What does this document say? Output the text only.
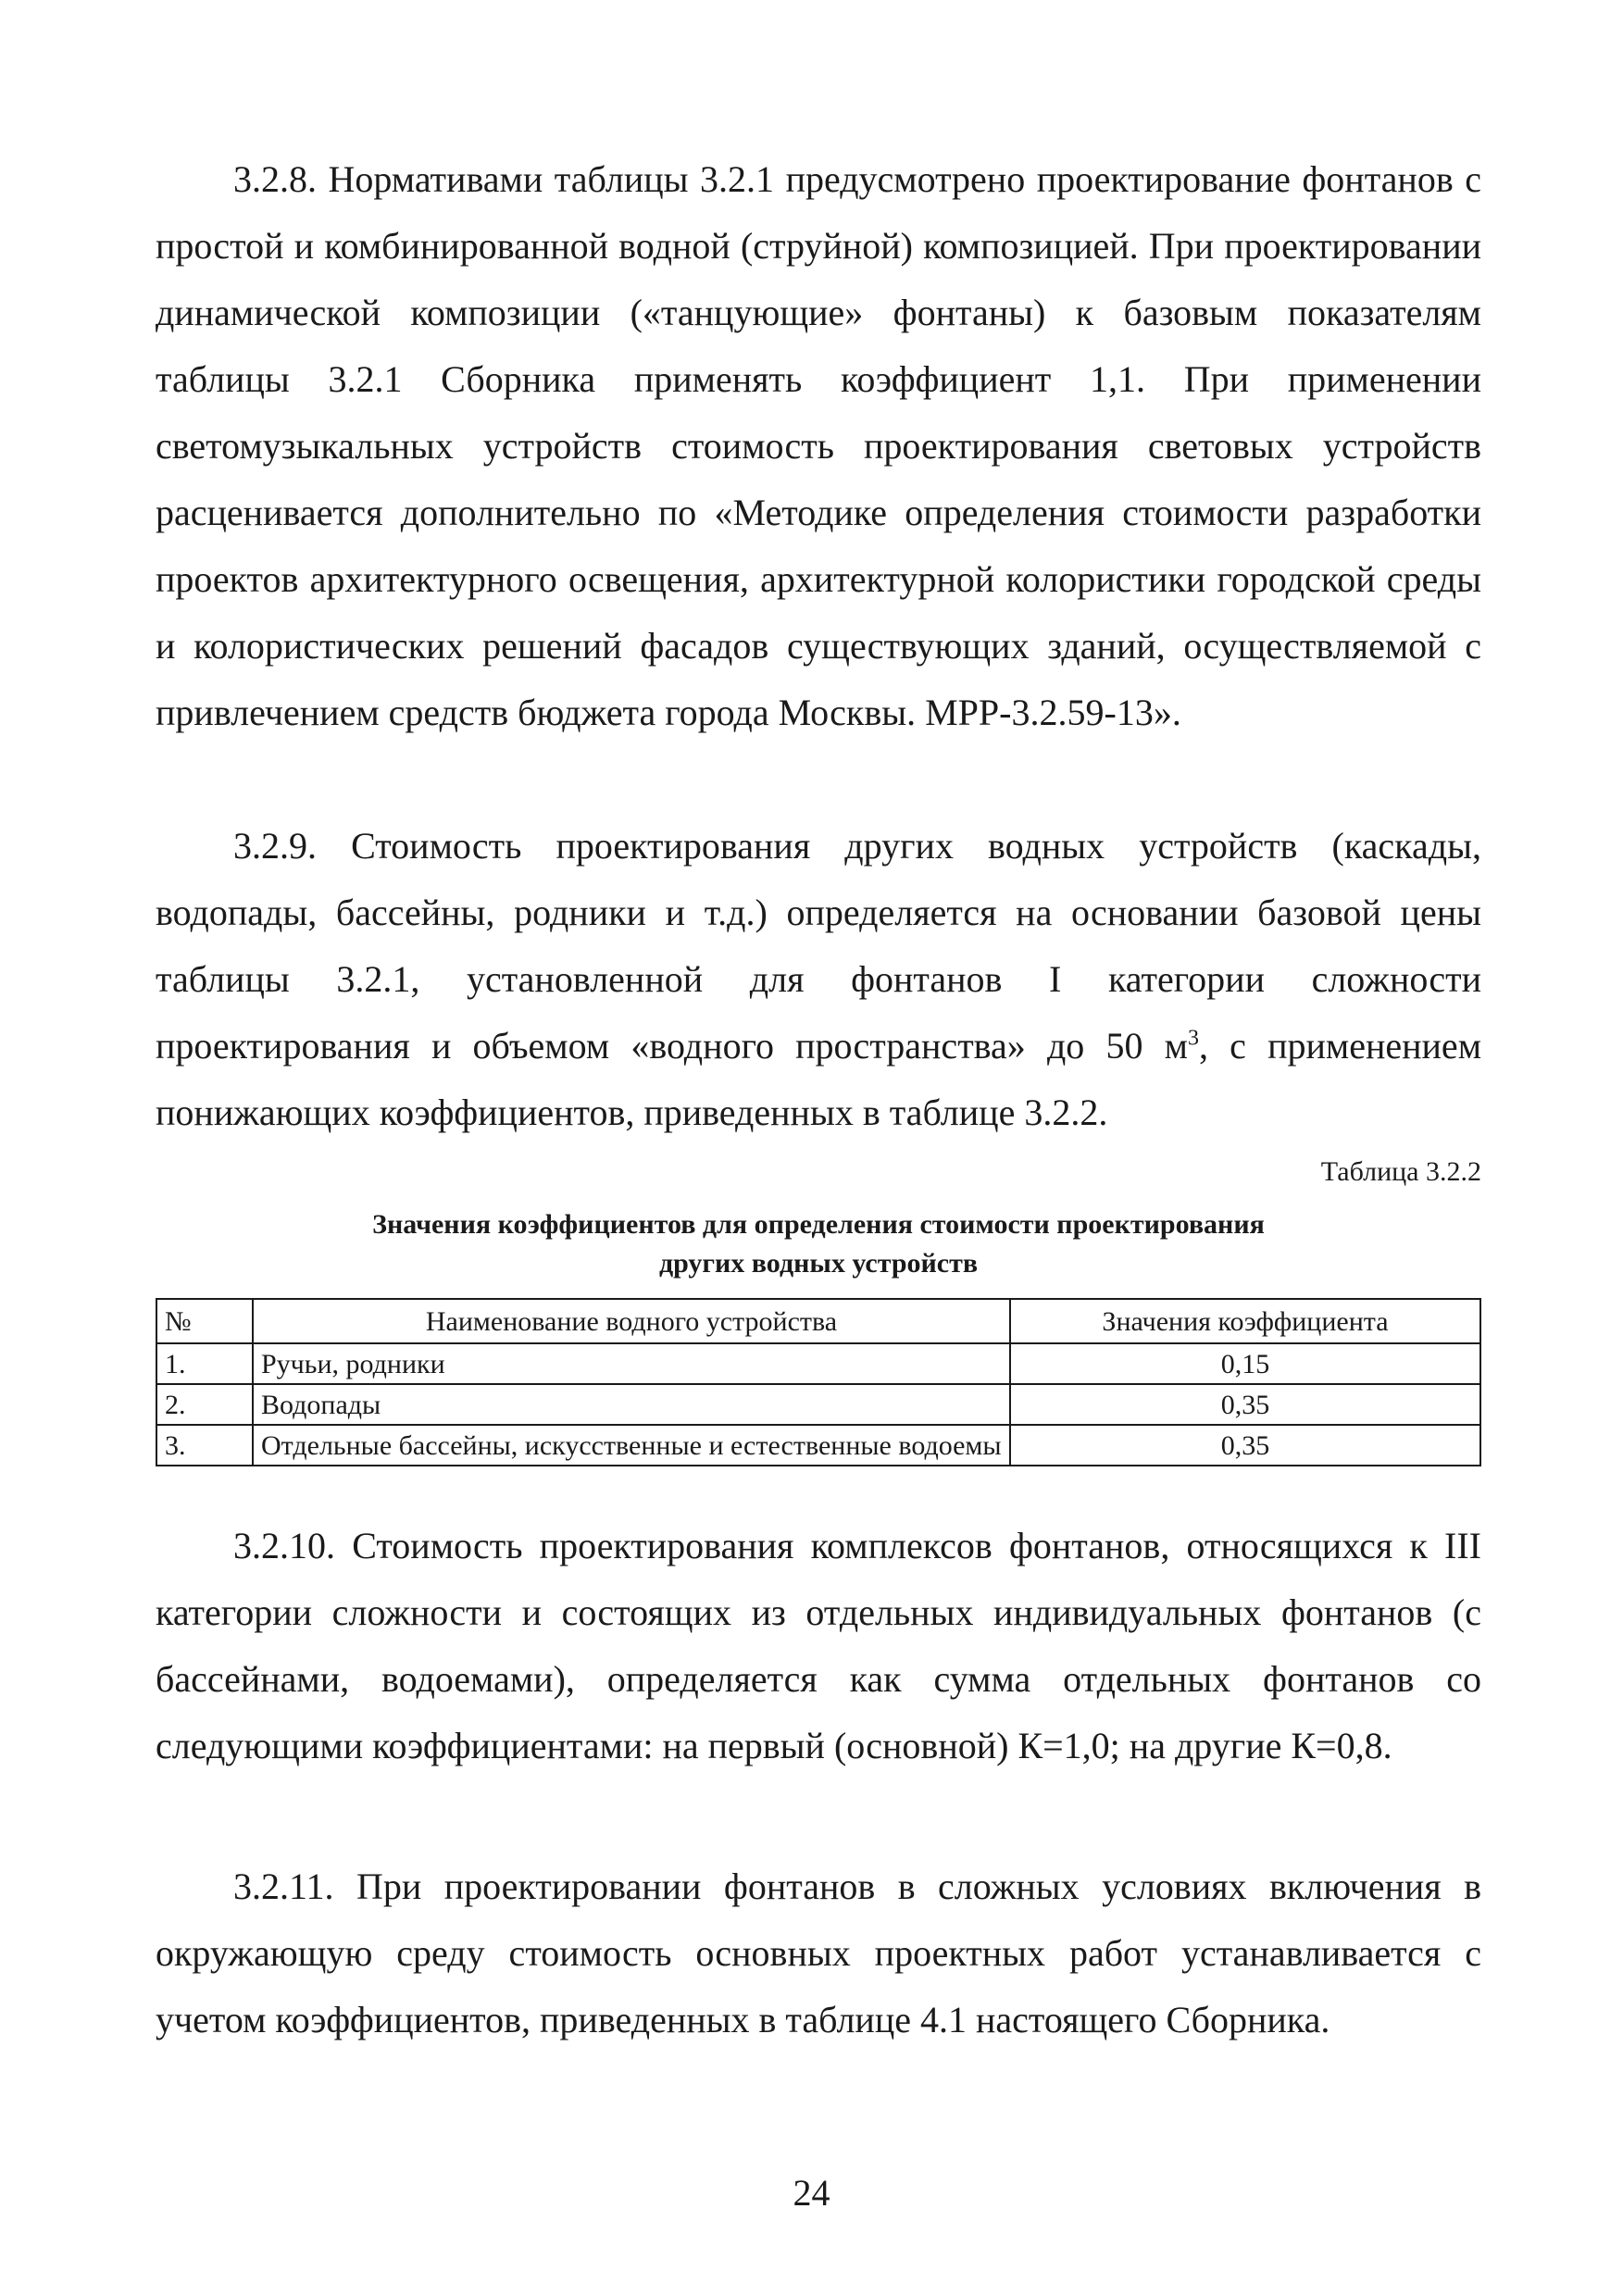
3.2.8. Нормативами таблицы 3.2.1 предусмотрено проектирование фонтанов с простой и комбинированной водной (струйной) композицией. При проектировании динамической композиции («танцующие» фонтаны) к базовым показателям таблицы 3.2.1 Сборника применять коэффициент 1,1. При применении светомузыкальных устройств стоимость проектирования световых устройств расценивается дополнительно по «Методике определения стоимости разработки проектов архитектурного освещения, архитектурной колористики городской среды и колористических решений фасадов существующих зданий, осуществляемой с привлечением средств бюджета города Москвы. МРР-3.2.59-13».

3.2.9. Стоимость проектирования других водных устройств (каскады, водопады, бассейны, родники и т.д.) определяется на основании базовой цены таблицы 3.2.1, установленной для фонтанов I категории сложности проектирования и объемом «водного пространства» до 50 $м^3$, с применением понижающих коэффициентов, приведенных в таблице 3.2.2.

Таблица 3.2.2
Значения коэффициентов для определения стоимости проектирования
других водных устройств
№	Наименование водного устройства	Значения коэффициента
1.	Ручьи, родники	0,15
2.	Водопады	0,35
3.	Отдельные бассейны, искусственные и естественные водоемы	0,35

3.2.10. Стоимость проектирования комплексов фонтанов, относящихся к III категории сложности и состоящих из отдельных индивидуальных фонтанов (с бассейнами, водоемами), определяется как сумма отдельных фонтанов со следующими коэффициентами: на первый (основной) К=1,0; на другие К=0,8.

3.2.11. При проектировании фонтанов в сложных условиях включения в окружающую среду стоимость основных проектных работ устанавливается с учетом коэффициентов, приведенных в таблице 4.1 настоящего Сборника.

24
